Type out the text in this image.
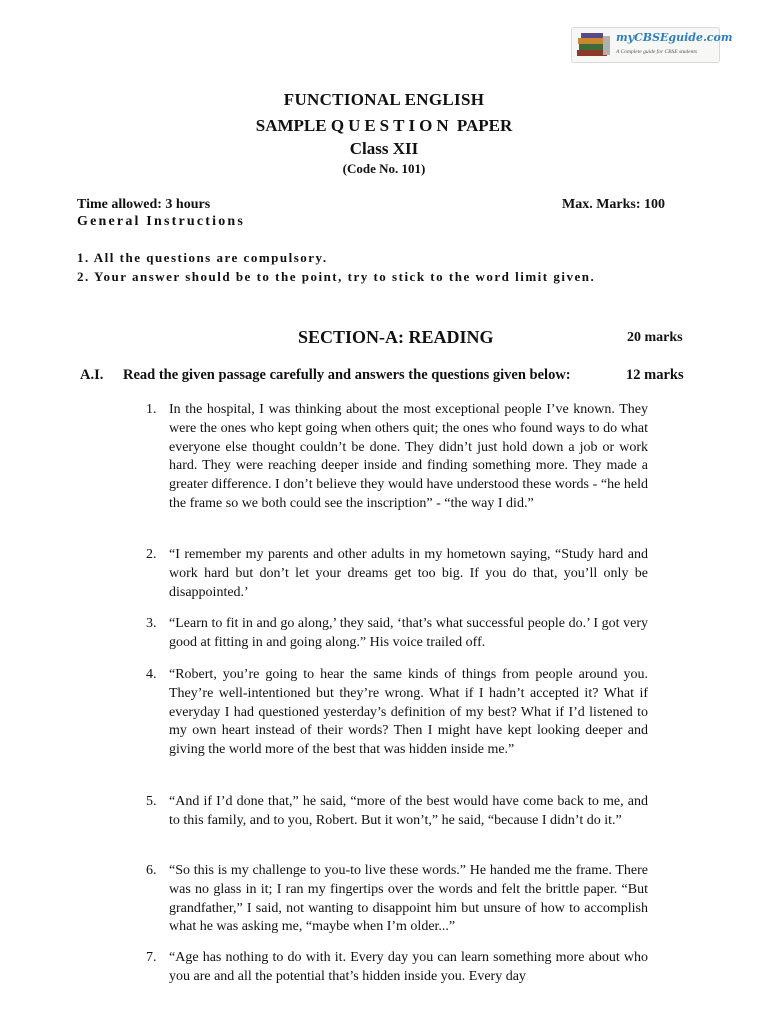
myCBSEguide.com
A Complete guide for CBSE students
FUNCTIONAL ENGLISH
SAMPLE QUESTION PAPER
Class XII
(Code No. 101)
Time allowed: 3 hours	Max. Marks: 100
General Instructions
1. All the questions are compulsory.
2. Your answer should be to the point, try to stick to the word limit given.
SECTION-A: READING	20 marks
A.I. Read the given passage carefully and answers the questions given below:	12 marks
1. In the hospital, I was thinking about the most exceptional people I’ve known. They were the ones who kept going when others quit; the ones who found ways to do what everyone else thought couldn’t be done. They didn’t just hold down a job or work hard. They were reaching deeper inside and finding something more. They made a greater difference. I don’t believe they would have understood these words - “he held the frame so we both could see the inscription” - “the way I did.”
2. “I remember my parents and other adults in my hometown saying, “Study hard and work hard but don’t let your dreams get too big. If you do that, you’ll only be disappointed.’
3. “Learn to fit in and go along,’ they said, ‘that’s what successful people do.’ I got very good at fitting in and going along.” His voice trailed off.
4. “Robert, you’re going to hear the same kinds of things from people around you. They’re well-intentioned but they’re wrong. What if I hadn’t accepted it? What if everyday I had questioned yesterday’s definition of my best? What if I’d listened to my own heart instead of their words? Then I might have kept looking deeper and giving the world more of the best that was hidden inside me.”
5. “And if I’d done that,” he said, “more of the best would have come back to me, and to this family, and to you, Robert. But it won’t,” he said, “because I didn’t do it.”
6. “So this is my challenge to you-to live these words.” He handed me the frame. There was no glass in it; I ran my fingertips over the words and felt the brittle paper. “But grandfather,” I said, not wanting to disappoint him but unsure of how to accomplish what he was asking me, “maybe when I’m older...”
7. “Age has nothing to do with it. Every day you can learn something more about who you are and all the potential that’s hidden inside you. Every day
